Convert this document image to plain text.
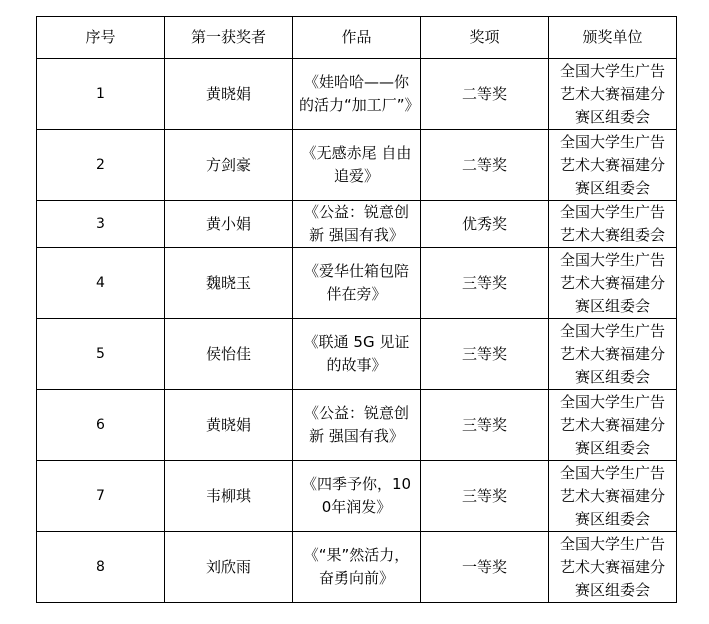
序号	第一获奖者	作品	奖项	颁奖单位
1	黄晓娟	《娃哈哈——你的活力“加工厂”》	二等奖	全国大学生广告艺术大赛福建分赛区组委会

2	方剑豪	《无感赤尾 自由追爱》	二等奖	全国大学生广告艺术大赛福建分赛区组委会

3	黄小娟	《公益：锐意创新 强国有我》	优秀奖	全国大学生广告艺术大赛组委会

4	魏晓玉	《爱华仕箱包陪伴在旁》	三等奖	全国大学生广告艺术大赛福建分赛区组委会

5	侯怡佳	《联通 5G 见证的故事》	三等奖	全国大学生广告艺术大赛福建分赛区组委会

6	黄晓娟	《公益：锐意创新 强国有我》	三等奖	全国大学生广告艺术大赛福建分赛区组委会

7	韦柳琪	《四季予你，100年润发》	三等奖	全国大学生广告艺术大赛福建分赛区组委会

8	刘欣雨	《“果”然活力，奋勇向前》	一等奖	全国大学生广告艺术大赛福建分赛区组委会
